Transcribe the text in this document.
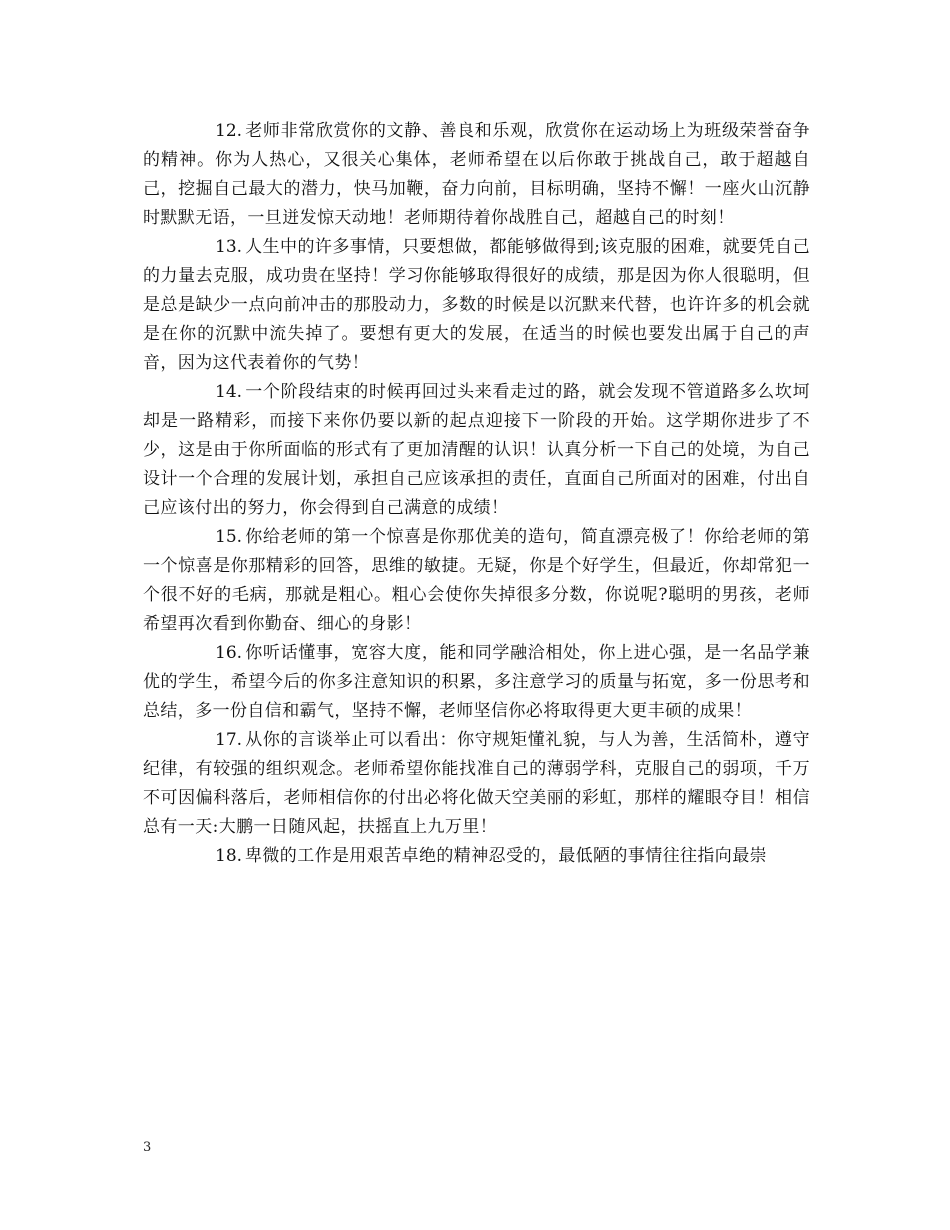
12. 老师非常欣赏你的文静、善良和乐观，欣赏你在运动场上为班级荣誉奋争的精神。你为人热心，又很关心集体，老师希望在以后你敢于挑战自己，敢于超越自己，挖掘自己最大的潜力，快马加鞭，奋力向前，目标明确，坚持不懈！一座火山沉静时默默无语，一旦迸发惊天动地！老师期待着你战胜自己，超越自己的时刻！

13. 人生中的许多事情，只要想做，都能够做得到;该克服的困难，就要凭自己的力量去克服，成功贵在坚持！学习你能够取得很好的成绩，那是因为你人很聪明，但是总是缺少一点向前冲击的那股动力，多数的时候是以沉默来代替，也许许多的机会就是在你的沉默中流失掉了。要想有更大的发展，在适当的时候也要发出属于自己的声音，因为这代表着你的气势！

14. 一个阶段结束的时候再回过头来看走过的路，就会发现不管道路多么坎坷却是一路精彩，而接下来你仍要以新的起点迎接下一阶段的开始。这学期你进步了不少，这是由于你所面临的形式有了更加清醒的认识！认真分析一下自己的处境，为自己设计一个合理的发展计划，承担自己应该承担的责任，直面自己所面对的困难，付出自己应该付出的努力，你会得到自己满意的成绩！

15. 你给老师的第一个惊喜是你那优美的造句，简直漂亮极了！你给老师的第一个惊喜是你那精彩的回答，思维的敏捷。无疑，你是个好学生，但最近，你却常犯一个很不好的毛病，那就是粗心。粗心会使你失掉很多分数，你说呢?聪明的男孩，老师希望再次看到你勤奋、细心的身影！

16. 你听话懂事，宽容大度，能和同学融洽相处，你上进心强，是一名品学兼优的学生，希望今后的你多注意知识的积累，多注意学习的质量与拓宽，多一份思考和总结，多一份自信和霸气，坚持不懈，老师坚信你必将取得更大更丰硕的成果！

17. 从你的言谈举止可以看出：你守规矩懂礼貌，与人为善，生活简朴，遵守纪律，有较强的组织观念。老师希望你能找准自己的薄弱学科，克服自己的弱项，千万不可因偏科落后，老师相信你的付出必将化做天空美丽的彩虹，那样的耀眼夺目！相信总有一天:大鹏一日随风起，扶摇直上九万里！

18. 卑微的工作是用艰苦卓绝的精神忍受的，最低陋的事情往往指向最崇

3
